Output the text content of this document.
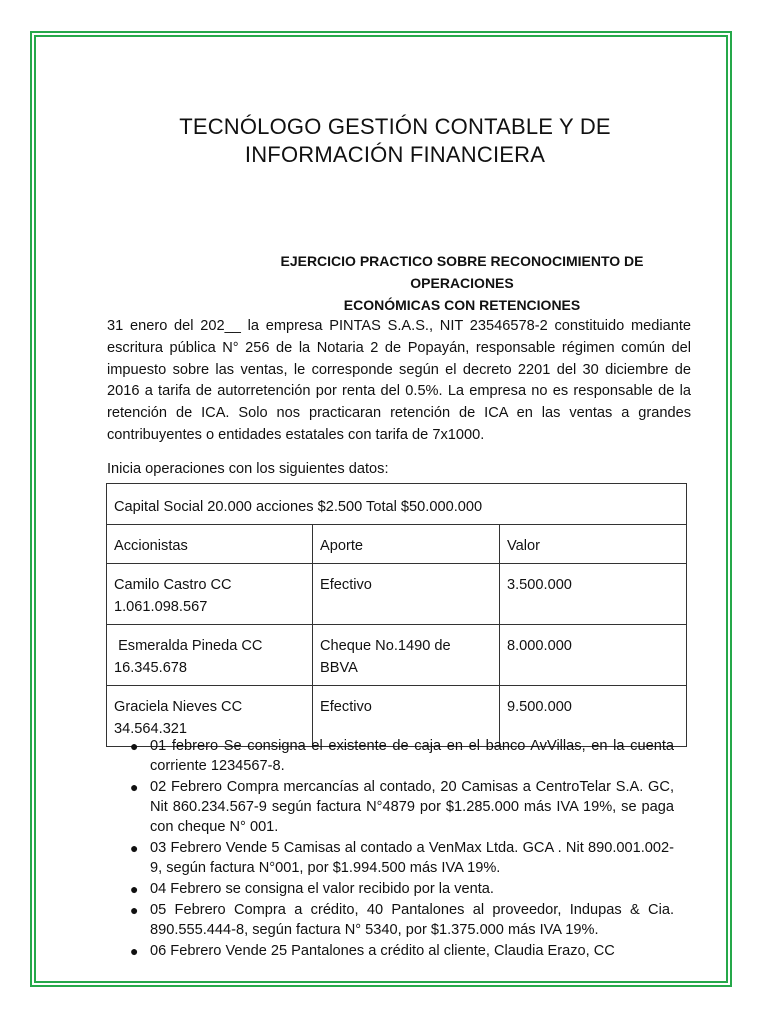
TECNÓLOGO GESTIÓN CONTABLE Y DE
INFORMACIÓN FINANCIERA
EJERCICIO PRACTICO SOBRE RECONOCIMIENTO DE OPERACIONES
ECONÓMICAS CON RETENCIONES

31 enero del 202__ la empresa PINTAS S.A.S., NIT 23546578-2 constituido mediante escritura pública N° 256 de la Notaria 2 de Popayán, responsable régimen común del impuesto sobre las ventas, le corresponde según el decreto 2201 del 30 diciembre de 2016 a tarifa de autorretención por renta del 0.5%. La empresa no es responsable de la retención de ICA. Solo nos practicaran retención de ICA en las ventas a grandes contribuyentes o entidades estatales con tarifa de 7x1000.

Inicia operaciones con los siguientes datos:

Capital Social 20.000 acciones $2.500 Total $50.000.000		
Accionistas	Aporte	Valor
Camilo Castro CC 1.061.098.567	Efectivo	3.500.000
Esmeralda Pineda CC 16.345.678	Cheque No.1490 de BBVA	8.000.000
Graciela Nieves CC 34.564.321	Efectivo	9.500.000
● 01 febrero Se consigna el existente de caja en el banco AvVillas, en la cuenta corriente 1234567-8.
● 02 Febrero Compra mercancías al contado, 20 Camisas a CentroTelar S.A. GC, Nit 860.234.567-9 según factura N°4879 por $1.285.000 más IVA 19%, se paga con cheque N° 001.
● 03 Febrero Vende 5 Camisas al contado a VenMax Ltda. GCA . Nit 890.001.002-9, según factura N°001, por $1.994.500 más IVA 19%.
● 04 Febrero se consigna el valor recibido por la venta.
● 05 Febrero Compra a crédito, 40 Pantalones al proveedor, Indupas & Cia. 890.555.444-8, según factura N° 5340, por $1.375.000 más IVA 19%.
● 06 Febrero Vende 25 Pantalones a crédito al cliente, Claudia Erazo, CC
